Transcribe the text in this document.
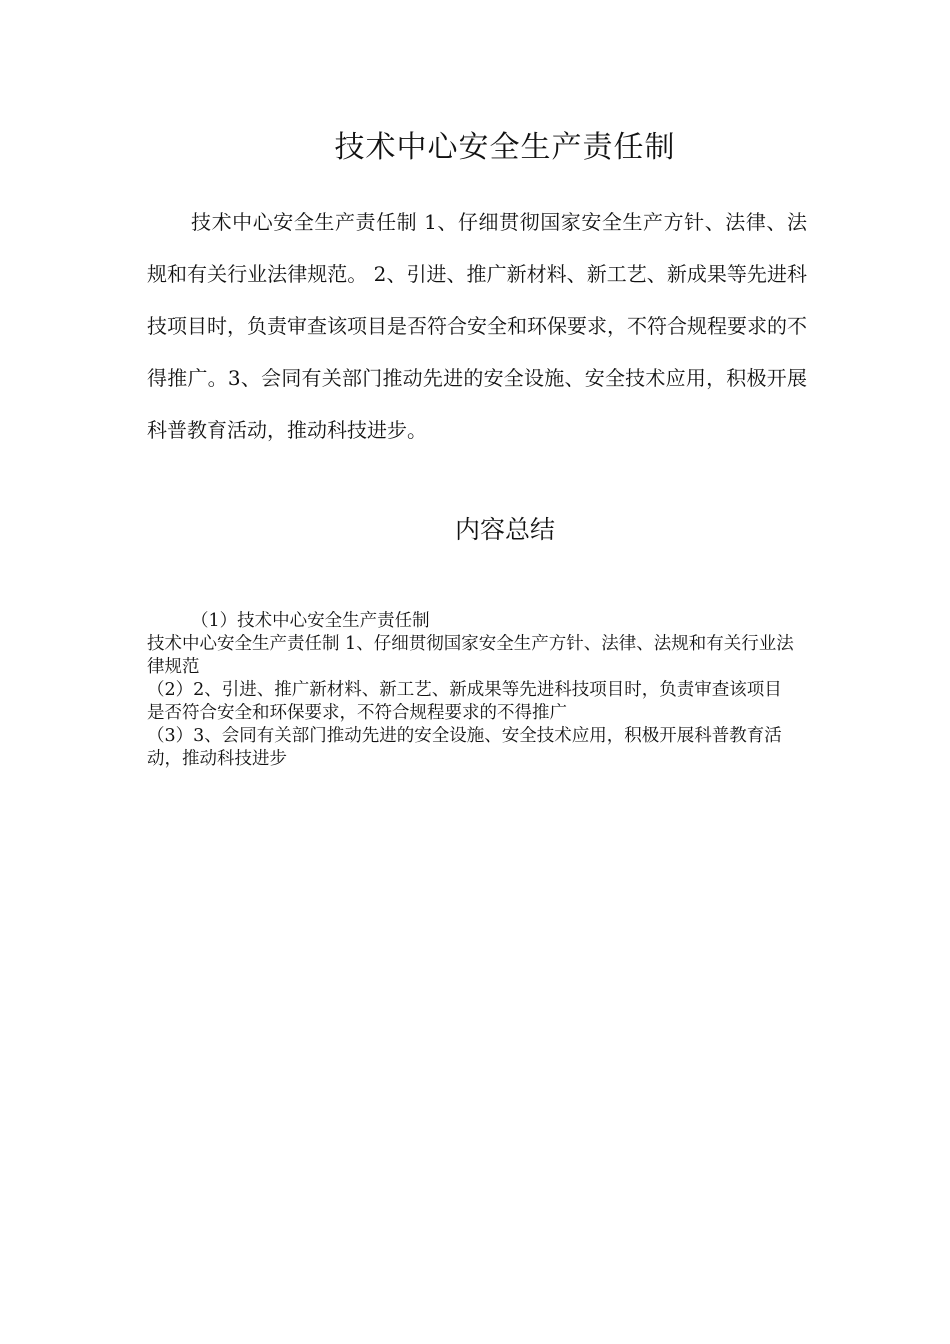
技术中心安全生产责任制

技术中心安全生产责任制 1、仔细贯彻国家安全生产方针、法律、法规和有关行业法律规范。 2、引进、推广新材料、新工艺、新成果等先进科技项目时，负责审查该项目是否符合安全和环保要求，不符合规程要求的不得推广。3、会同有关部门推动先进的安全设施、安全技术应用，积极开展科普教育活动，推动科技进步。

内容总结
（1）技术中心安全生产责任制
技术中心安全生产责任制 1、仔细贯彻国家安全生产方针、法律、法规和有关行业法律规范
（2）2、引进、推广新材料、新工艺、新成果等先进科技项目时，负责审查该项目是否符合安全和环保要求，不符合规程要求的不得推广
（3）3、会同有关部门推动先进的安全设施、安全技术应用，积极开展科普教育活动，推动科技进步
